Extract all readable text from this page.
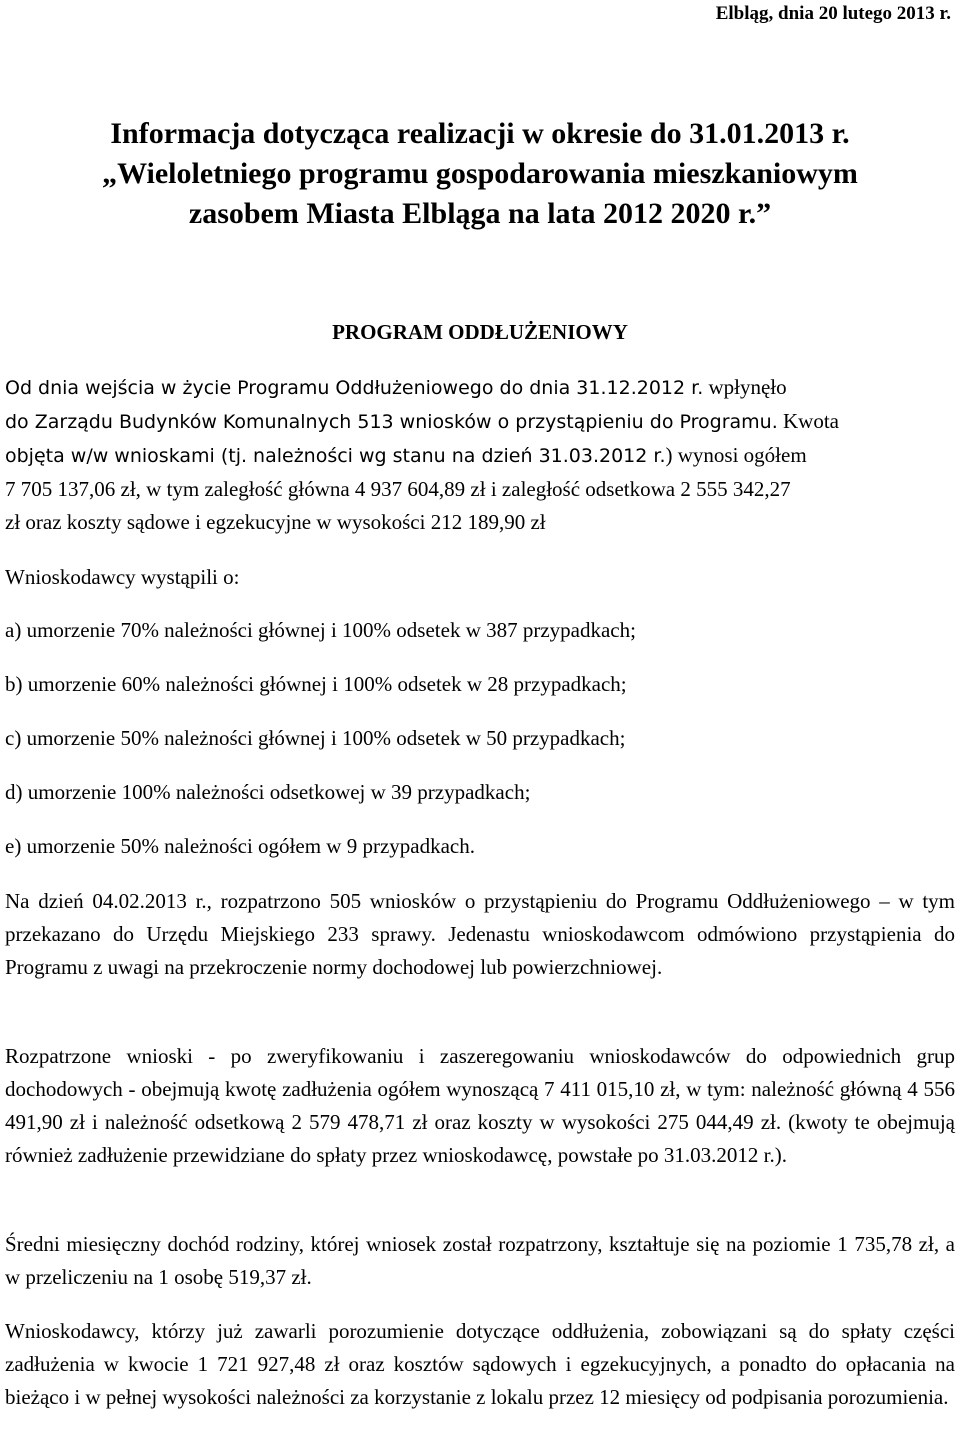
Elbląg, dnia 20 lutego 2013 r.
Informacja dotycząca realizacji w okresie do 31.01.2013 r.
„Wieloletniego programu gospodarowania mieszkaniowym
zasobem Miasta Elbląga na lata 2012 2020 r.”
PROGRAM ODDŁUŻENIOWY
Od dnia wejścia w życie Programu Oddłużeniowego do dnia 31.12.2012 r. wpłynęło
do Zarządu Budynków Komunalnych 513 wniosków o przystąpieniu do Programu. Kwota
objęta w/w wnioskami (tj. należności wg stanu na dzień 31.03.2012 r.) wynosi ogółem
7 705 137,06 zł, w tym zaległość główna 4 937 604,89 zł i zaległość odsetkowa 2 555 342,27
zł oraz koszty sądowe i egzekucyjne w wysokości 212 189,90 zł
Wnioskodawcy wystąpili o:
a) umorzenie 70% należności głównej i 100% odsetek w 387 przypadkach;
b) umorzenie 60% należności głównej i 100% odsetek w 28 przypadkach;
c) umorzenie 50% należności głównej i 100% odsetek w 50 przypadkach;
d) umorzenie 100% należności odsetkowej w 39 przypadkach;
e) umorzenie 50% należności ogółem w 9 przypadkach.

Na dzień 04.02.2013 r., rozpatrzono 505 wniosków o przystąpieniu do Programu Oddłużeniowego – w tym przekazano do Urzędu Miejskiego 233 sprawy. Jedenastu wnioskodawcom odmówiono przystąpienia do Programu z uwagi na przekroczenie normy dochodowej lub powierzchniowej.

Rozpatrzone wnioski - po zweryfikowaniu i zaszeregowaniu wnioskodawców do odpowiednich grup dochodowych - obejmują kwotę zadłużenia ogółem wynoszącą 7 411 015,10 zł, w tym: należność główną 4 556 491,90 zł i należność odsetkową 2 579 478,71 zł oraz koszty w wysokości 275 044,49 zł. (kwoty te obejmują również zadłużenie przewidziane do spłaty przez wnioskodawcę, powstałe po 31.03.2012 r.).

Średni miesięczny dochód rodziny, której wniosek został rozpatrzony, kształtuje się na poziomie 1 735,78 zł, a w przeliczeniu na 1 osobę 519,37 zł.

Wnioskodawcy, którzy już zawarli porozumienie dotyczące oddłużenia, zobowiązani są do spłaty części zadłużenia w kwocie 1 721 927,48 zł oraz kosztów sądowych i egzekucyjnych, a ponadto do opłacania na bieżąco i w pełnej wysokości należności za korzystanie z lokalu przez 12 miesięcy od podpisania porozumienia.
